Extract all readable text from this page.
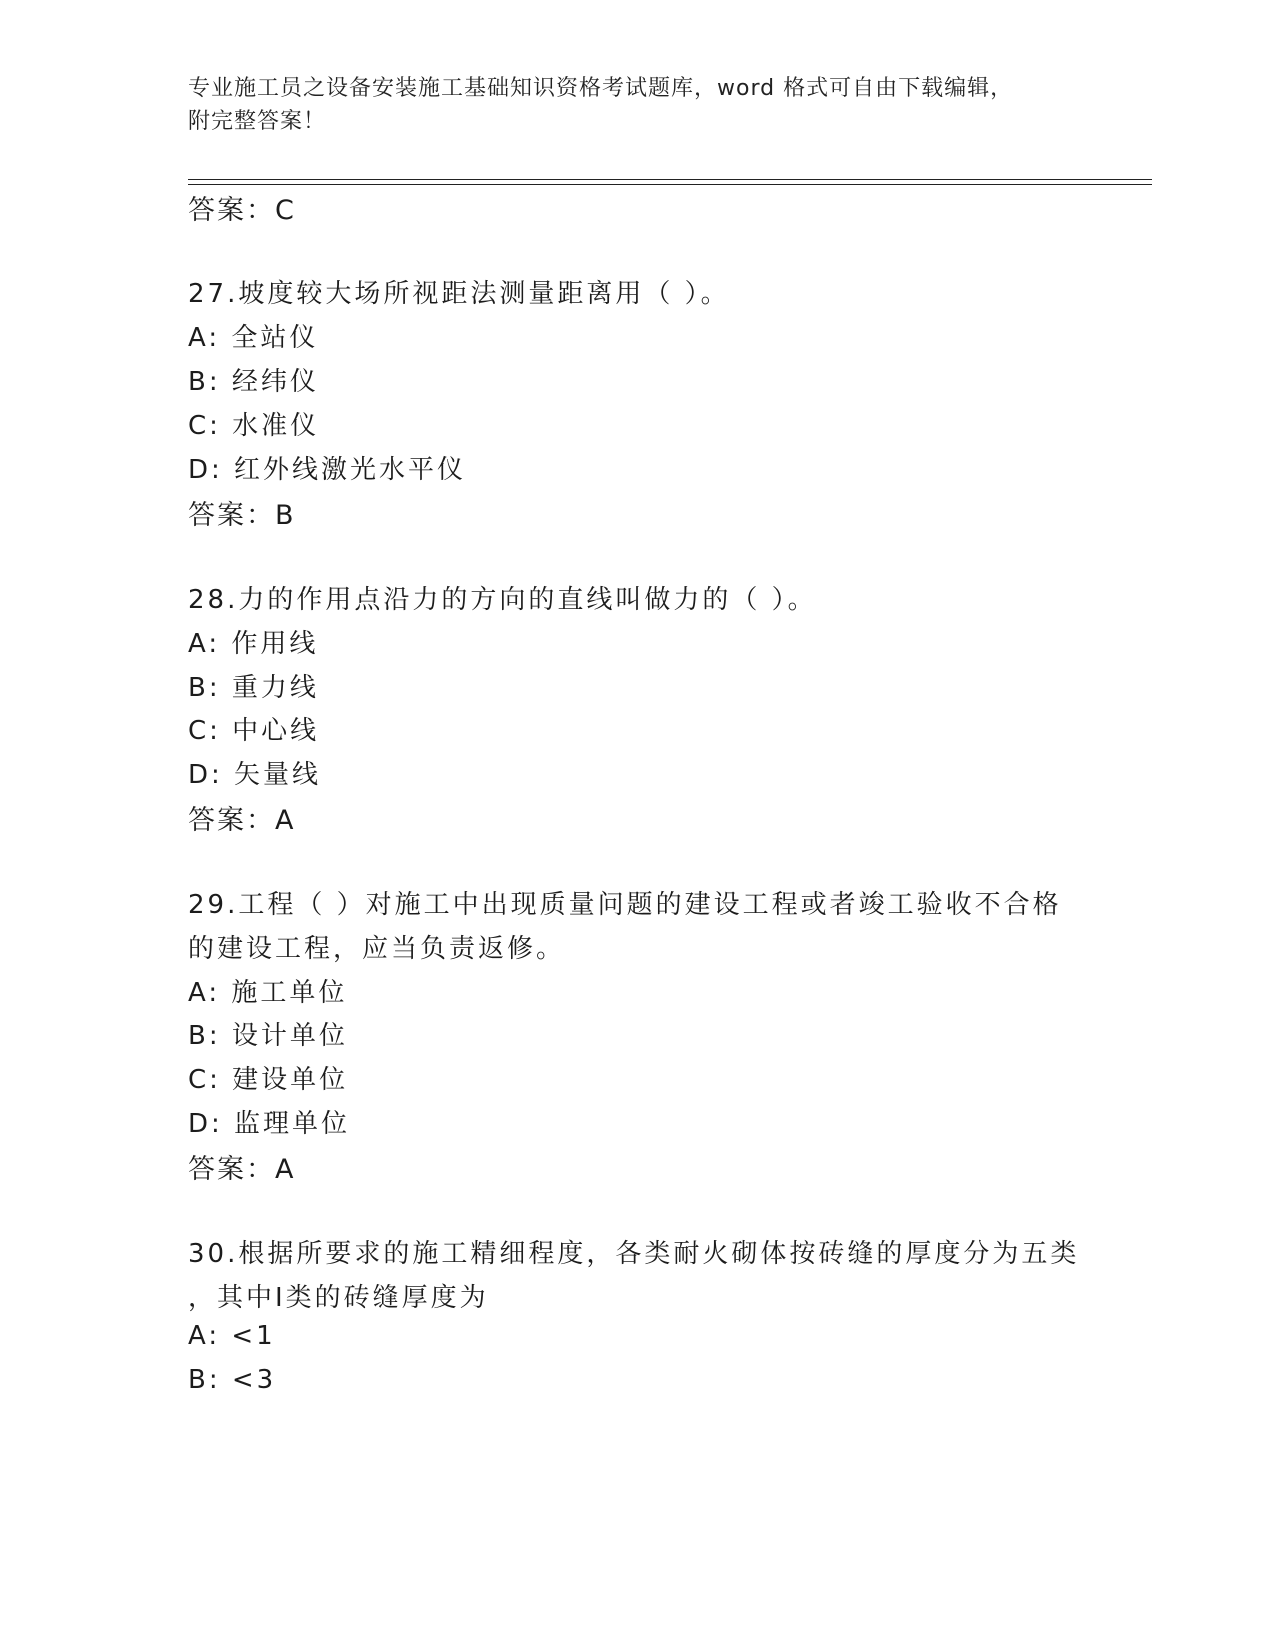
专业施工员之设备安装施工基础知识资格考试题库，word 格式可自由下载编辑，
附完整答案！
答案：C
27.坡度较大场所视距法测量距离用（ ）。
A: 全站仪
B: 经纬仪
C: 水准仪
D: 红外线激光水平仪
答案：B
28.力的作用点沿力的方向的直线叫做力的（ ）。
A: 作用线
B: 重力线
C: 中心线
D: 矢量线
答案：A
29.工程（ ）对施工中出现质量问题的建设工程或者竣工验收不合格
的建设工程，应当负责返修。
A: 施工单位
B: 设计单位
C: 建设单位
D: 监理单位
答案：A
30.根据所要求的施工精细程度，各类耐火砌体按砖缝的厚度分为五类
，其中Ⅰ类的砖缝厚度为
A: <1
B: <3
